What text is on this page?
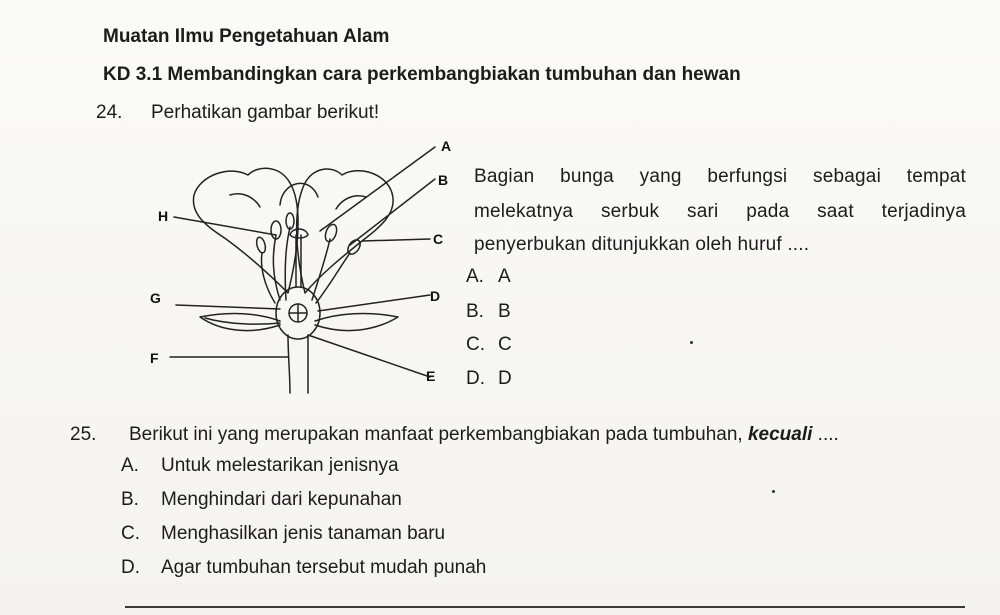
Muatan Ilmu Pengetahuan Alam
KD 3.1 Membandingkan cara perkembangbiakan tumbuhan dan hewan
24. Perhatikan gambar berikut!
A
B
C
D
E
F
G
H
Bagian bunga yang berfungsi sebagai tempat
melekatnya serbuk sari pada saat terjadinya
penyerbukan ditunjukkan oleh huruf ....
A. A
B. B
C. C
D. D
25. Berikut ini yang merupakan manfaat perkembangbiakan pada tumbuhan, kecuali ....
A. Untuk melestarikan jenisnya
B. Menghindari dari kepunahan
C. Menghasilkan jenis tanaman baru
D. Agar tumbuhan tersebut mudah punah
